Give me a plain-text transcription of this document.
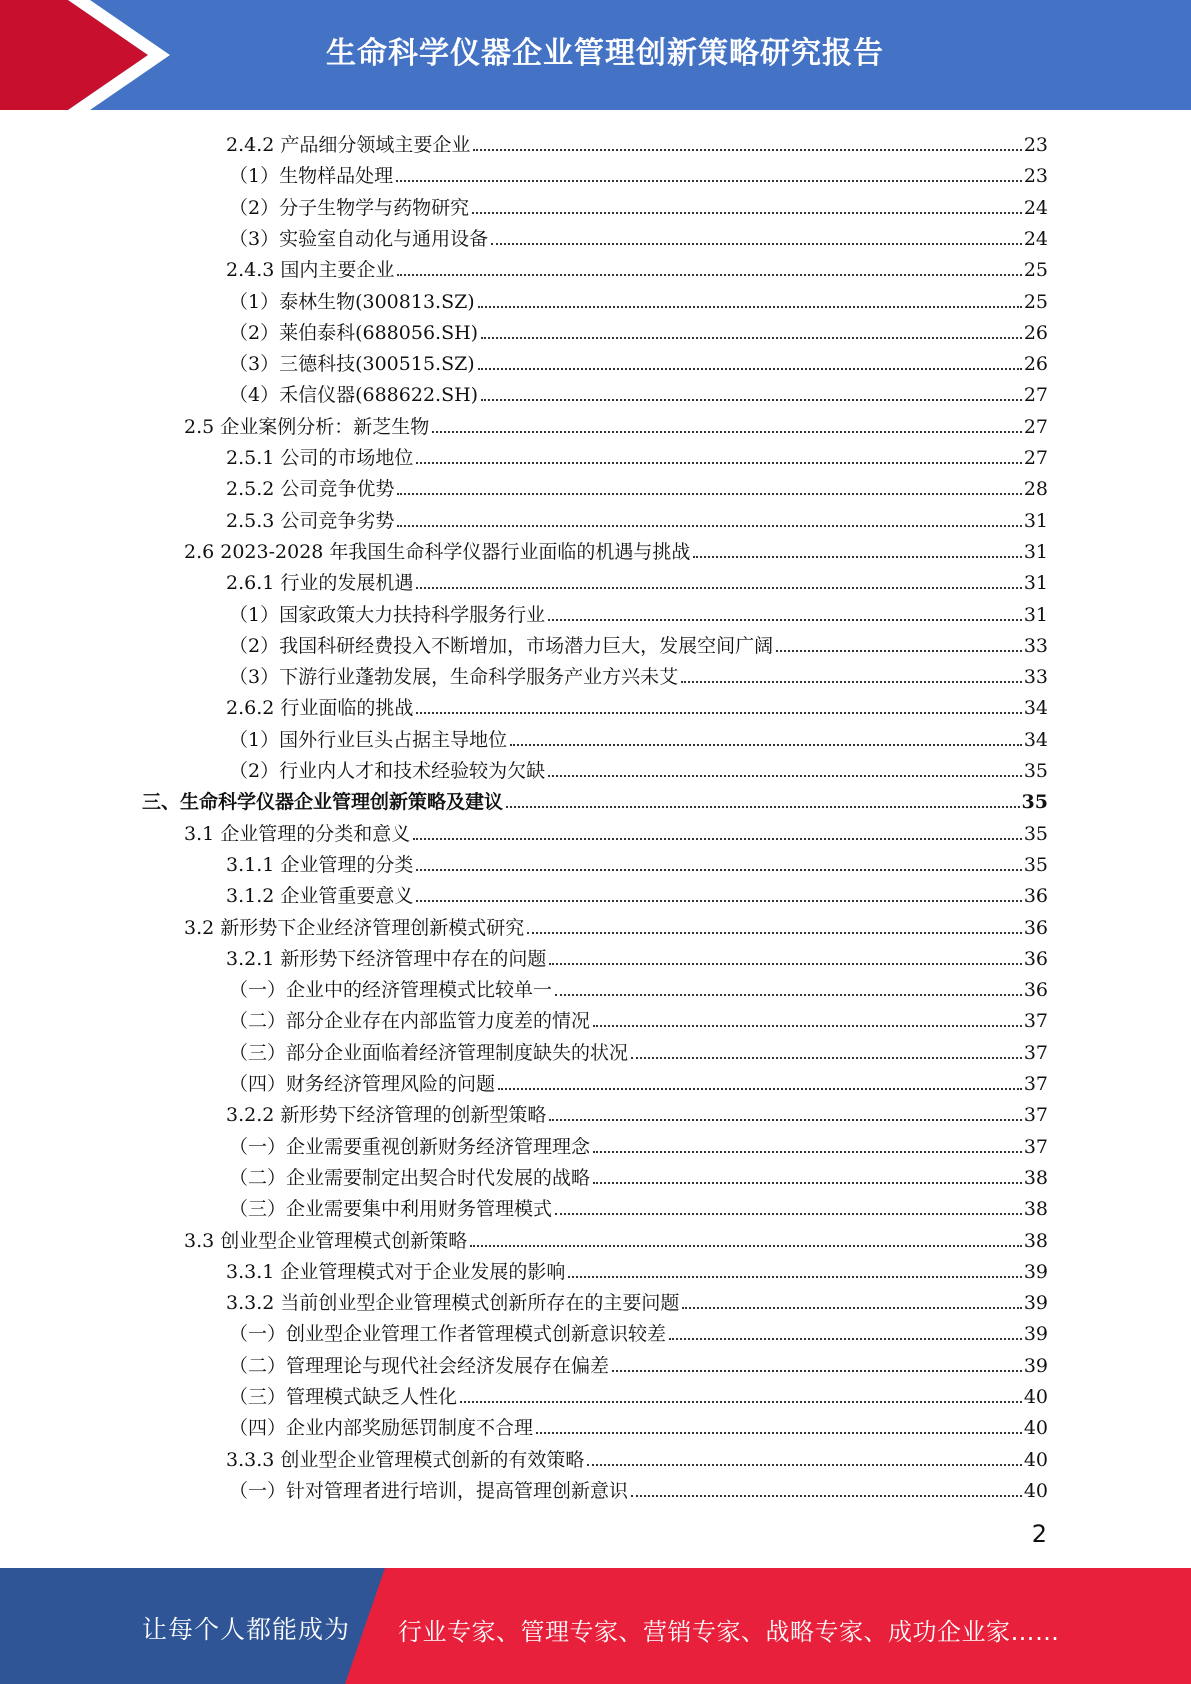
生命科学仪器企业管理创新策略研究报告
2.4.2 产品细分领域主要企业	23
（1）生物样品处理	23
（2）分子生物学与药物研究	24
（3）实验室自动化与通用设备	24
2.4.3 国内主要企业	25
（1）泰林生物(300813.SZ)	25
（2）莱伯泰科(688056.SH)	26
（3）三德科技(300515.SZ)	26
（4）禾信仪器(688622.SH)	27
2.5 企业案例分析：新芝生物	27
2.5.1 公司的市场地位	27
2.5.2 公司竞争优势	28
2.5.3 公司竞争劣势	31
2.6 2023-2028 年我国生命科学仪器行业面临的机遇与挑战	31
2.6.1 行业的发展机遇	31
（1）国家政策大力扶持科学服务行业	31
（2）我国科研经费投入不断增加，市场潜力巨大，发展空间广阔	33
（3）下游行业蓬勃发展，生命科学服务产业方兴未艾	33
2.6.2 行业面临的挑战	34
（1）国外行业巨头占据主导地位	34
（2）行业内人才和技术经验较为欠缺	35
三、生命科学仪器企业管理创新策略及建议	35
3.1 企业管理的分类和意义	35
3.1.1 企业管理的分类	35
3.1.2 企业管重要意义	36
3.2 新形势下企业经济管理创新模式研究	36
3.2.1 新形势下经济管理中存在的问题	36
（一）企业中的经济管理模式比较单一	36
（二）部分企业存在内部监管力度差的情况	37
（三）部分企业面临着经济管理制度缺失的状况	37
（四）财务经济管理风险的问题	37
3.2.2 新形势下经济管理的创新型策略	37
（一）企业需要重视创新财务经济管理理念	37
（二）企业需要制定出契合时代发展的战略	38
（三）企业需要集中利用财务管理模式	38
3.3 创业型企业管理模式创新策略	38
3.3.1 企业管理模式对于企业发展的影响	39
3.3.2 当前创业型企业管理模式创新所存在的主要问题	39
（一）创业型企业管理工作者管理模式创新意识较差	39
（二）管理理论与现代社会经济发展存在偏差	39
（三）管理模式缺乏人性化	40
（四）企业内部奖励惩罚制度不合理	40
3.3.3 创业型企业管理模式创新的有效策略	40
（一）针对管理者进行培训，提高管理创新意识	40
2
让每个人都能成为 行业专家、管理专家、营销专家、战略专家、成功企业家……
